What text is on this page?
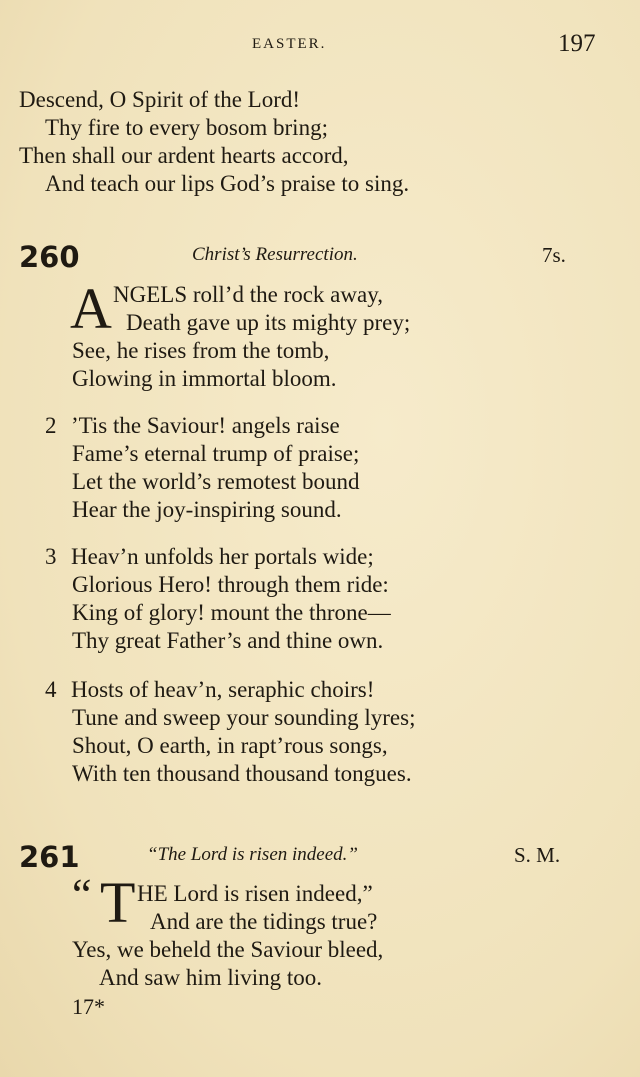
EASTER.	197
Descend, O Spirit of the Lord!
Thy fire to every bosom bring;
Then shall our ardent hearts accord,
And teach our lips God’s praise to sing.
260	Christ’s Resurrection.	7s.
A NGELS roll’d the rock away,
Death gave up its mighty prey;
See, he rises from the tomb,
Glowing in immortal bloom.
2 ’Tis the Saviour! angels raise
Fame’s eternal trump of praise;
Let the world’s remotest bound
Hear the joy-inspiring sound.
3 Heav’n unfolds her portals wide;
Glorious Hero! through them ride:
King of glory! mount the throne—
Thy great Father’s and thine own.
4 Hosts of heav’n, seraphic choirs!
Tune and sweep your sounding lyres;
Shout, O earth, in rapt’rous songs,
With ten thousand thousand tongues.
261	“The Lord is risen indeed.”	S. M.
“ T HE Lord is risen indeed,”
And are the tidings true?
Yes, we beheld the Saviour bleed,
And saw him living too.
17*
